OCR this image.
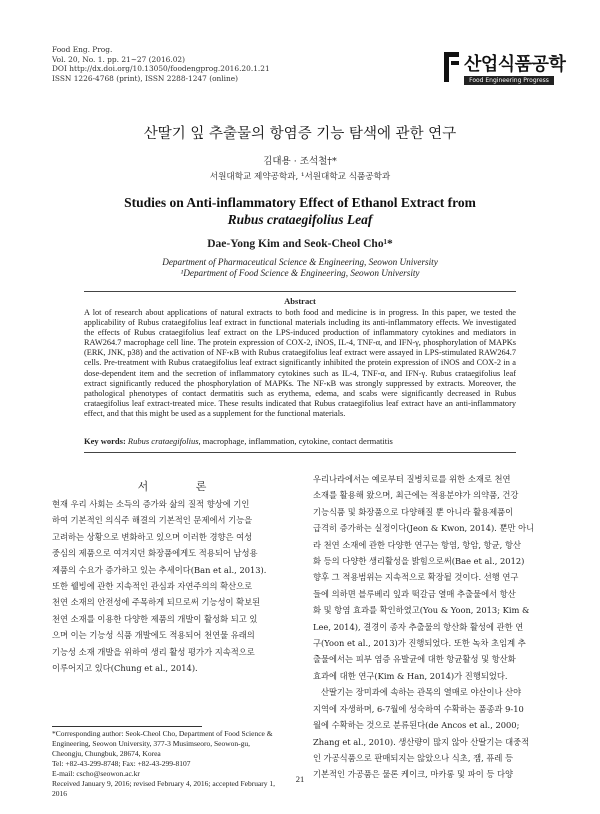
Food Eng. Prog.
Vol. 20, No. 1. pp. 21~27 (2016.02)
DOI http://dx.doi.org/10.13050/foodengprog.2016.20.1.21
ISSN 1226-4768 (print), ISSN 2288-1247 (online)
산업식품공학
Food Engineering Progress
산딸기 잎 추출물의 항염증 기능 탐색에 관한 연구
김대용 · 조석철†*
서원대학교 제약공학과, ¹서원대학교 식품공학과
Studies on Anti-inflammatory Effect of Ethanol Extract from
Rubus crataegifolius Leaf
Dae-Yong Kim and Seok-Cheol Cho¹*
Department of Pharmaceutical Science & Engineering, Seowon University
¹Department of Food Science & Engineering, Seowon University
Abstract
A lot of research about applications of natural extracts to both food and medicine is in progress. In this paper, we tested the applicability of Rubus crataegifolius leaf extract in functional materials including its anti-inflammatory effects. We investigated the effects of Rubus crataegifolius leaf extract on the LPS-induced production of inflammatory cytokines and mediators in RAW264.7 macrophage cell line. The protein expression of COX-2, iNOS, IL-4, TNF-α, and IFN-γ, phosphorylation of MAPKs (ERK, JNK, p38) and the activation of NF-κB with Rubus crataegifolius leaf extract were assayed in LPS-stimulated RAW264.7 cells. Pre-treatment with Rubus crataegifolius leaf extract significantly inhibited the protein expression of iNOS and COX-2 in a dose-dependent item and the secretion of inflammatory cytokines such as IL-4, TNF-α, and IFN-γ. Rubus crataegifolius leaf extract significantly reduced the phosphorylation of MAPKs. The NF-κB was strongly suppressed by extracts. Moreover, the pathological phenotypes of contact dermatitis such as erythema, edema, and scabs were significantly decreased in Rubus crataegifolius leaf extract-treated mice. These results indicated that Rubus crataegifolius leaf extract have an anti-inflammatory effect, and that this might be used as a supplement for the functional materials.
Key words: Rubus crataegifolius, macrophage, inflammation, cytokine, contact dermatitis
서 론
현재 우리 사회는 소득의 증가와 삶의 질적 향상에 기인
하여 기본적인 의식주 해결의 기본적인 문제에서 기능을
고려하는 상황으로 변화하고 있으며 이러한 경향은 여성
중심의 제품으로 여겨지던 화장품에게도 적용되어 남성용
제품의 수요가 증가하고 있는 추세이다(Ban et al., 2013).
또한 웰빙에 관한 지속적인 관심과 자연주의의 확산으로
천연 소재의 안전성에 주목하게 되므로써 기능성이 확보된
천연 소재를 이용한 다양한 제품의 개발이 활성화 되고 있
으며 이는 기능성 식품 개발에도 적용되어 천연물 유래의
기능성 소재 개발을 위하여 생리 활성 평가가 지속적으로
이루어지고 있다(Chung et al., 2014).
우리나라에서는 예로부터 질병치료를 위한 소재로 천연
소재를 활용해 왔으며, 최근에는 적용분야가 의약품, 건강
기능식품 및 화장품으로 다양해질 뿐 아니라 활용제품이
급격히 증가하는 실정이다(Jeon & Kwon, 2014). 뿐만 아니
라 천연 소재에 관한 다양한 연구는 항염, 항암, 항균, 항산
화 등의 다양한 생리활성을 밝힘으로써(Bae et al., 2012)
향후 그 적용범위는 지속적으로 확장될 것이다. 선행 연구
들에 의하면 블루베리 잎과 떡갈금 열매 추출물에서 항산
화 및 항염 효과를 확인하였고(You & Yoon, 2013; Kim &
Lee, 2014), 결경이 종자 추출물의 항산화 활성에 관한 연
구(Yoon et al., 2013)가 진행되었다. 또한 녹차 초임계 추
출물에서는 피부 염증 유발균에 대한 항균활성 및 항산화
효과에 대한 연구(Kim & Han, 2014)가 진행되었다.
산딸기는 장미과에 속하는 관목의 열매로 야산이나 산야
지역에 자생하며, 6-7월에 성숙하여 수확하는 품종과 9-10
월에 수확하는 것으로 분류된다(de Ancos et al., 2000;
Zhang et al., 2010). 생산량이 많지 않아 산딸기는 대중적
인 가공식품으로 판매되지는 않았으나 식초, 잼, 퓨레 등
기본적인 가공품은 물론 케이크, 마카롱 및 파이 등 다양
*Corresponding author: Seok-Cheol Cho, Department of Food Science &
Engineering, Seowon University, 377-3 Musimseoro, Seowon-gu,
Cheongju, Chungbuk, 28674, Korea
Tel: +82-43-299-8748; Fax: +82-43-299-8107
E-mail: cscho@seowon.ac.kr
Received January 9, 2016; revised February 4, 2016; accepted February 1,
2016
21
